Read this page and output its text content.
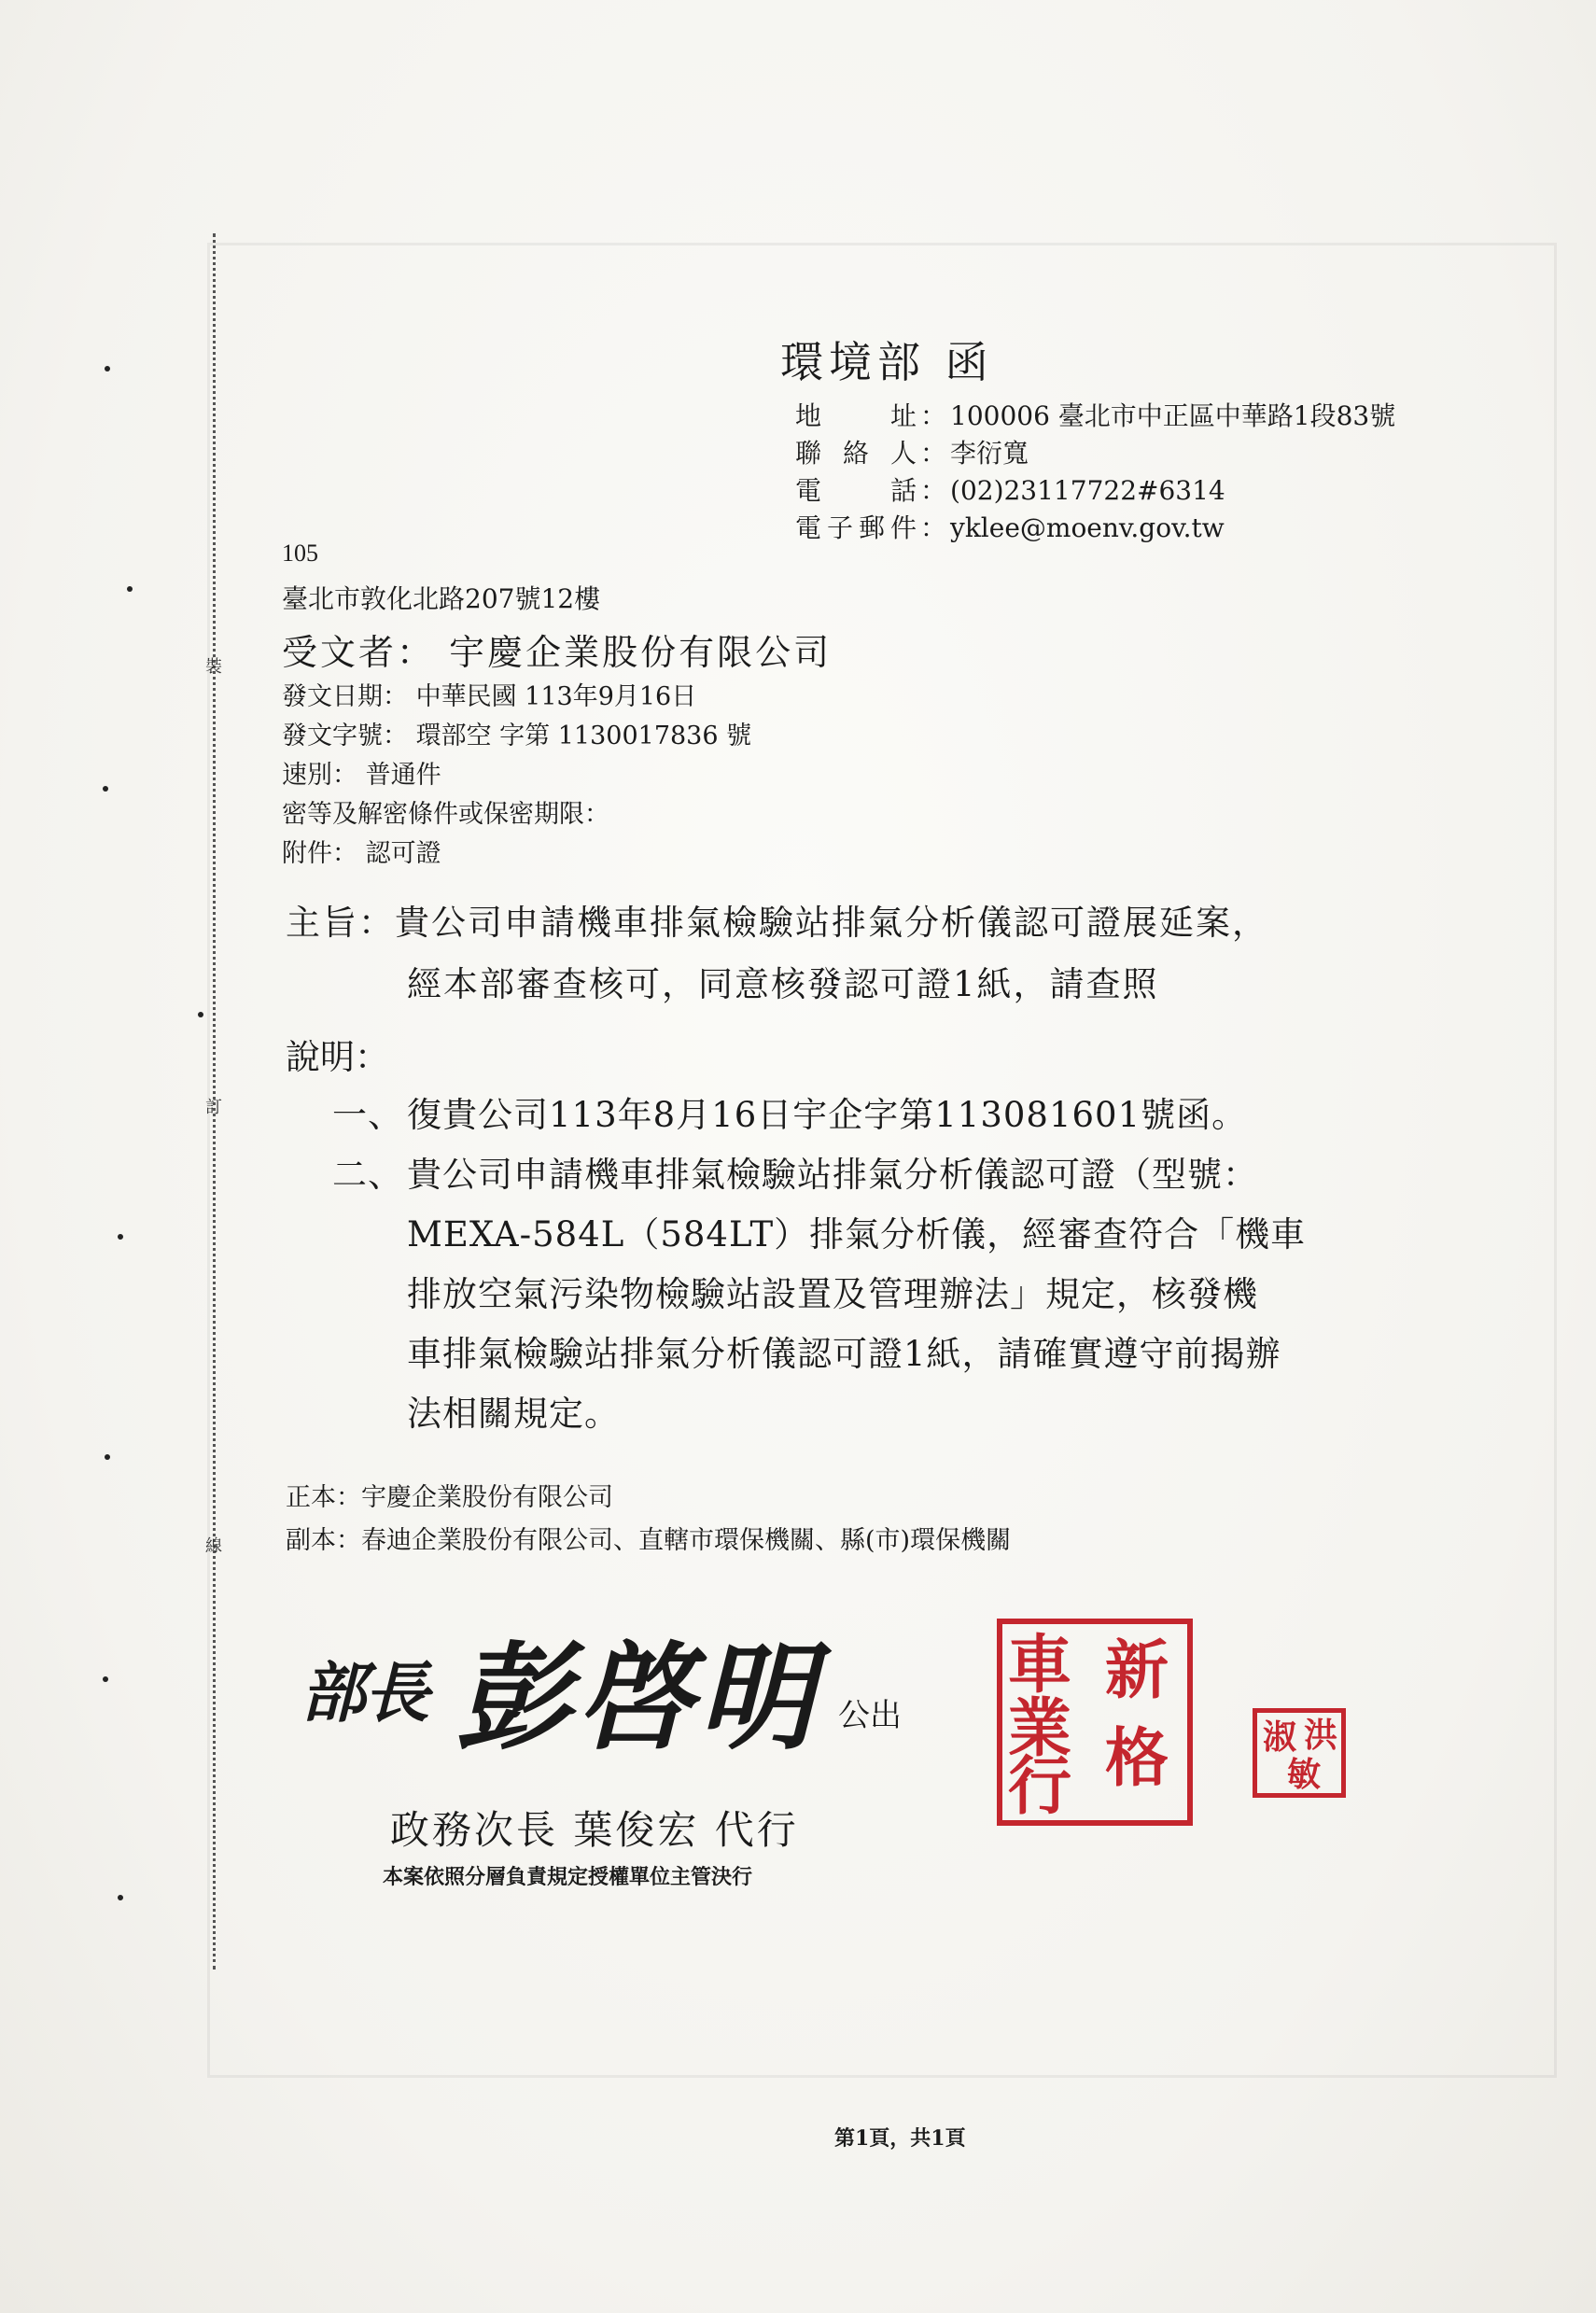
裝
訂
線
環境部 函
地址 ： 100006 臺北市中正區中華路1段83號
聯絡人 ： 李衍寬
電話 ： (02)23117722#6314
電子郵件 ： yklee@moenv.gov.tw
105
臺北市敦化北路207號12樓
受文者： 宇慶企業股份有限公司
發文日期： 中華民國 113年9月16日
發文字號： 環部空 字第 1130017836 號
速別： 普通件
密等及解密條件或保密期限：
附件： 認可證
主旨：貴公司申請機車排氣檢驗站排氣分析儀認可證展延案，
經本部審查核可，同意核發認可證1紙，請查照
說明：
一、 復貴公司113年8月16日宇企字第113081601號函。
二、 貴公司申請機車排氣檢驗站排氣分析儀認可證（型號：
MEXA-584L（584LT）排氣分析儀，經審查符合「機車
排放空氣污染物檢驗站設置及管理辦法」規定，核發機
車排氣檢驗站排氣分析儀認可證1紙，請確實遵守前揭辦
法相關規定。
正本：宇慶企業股份有限公司
副本：春迪企業股份有限公司、直轄市環保機關、縣(市)環保機關
部長 彭啓明 公出
政務次長 葉俊宏 代行
本案依照分層負責規定授權單位主管決行
車 新
業
行 格	洪
淑
敏
第1頁，共1頁
